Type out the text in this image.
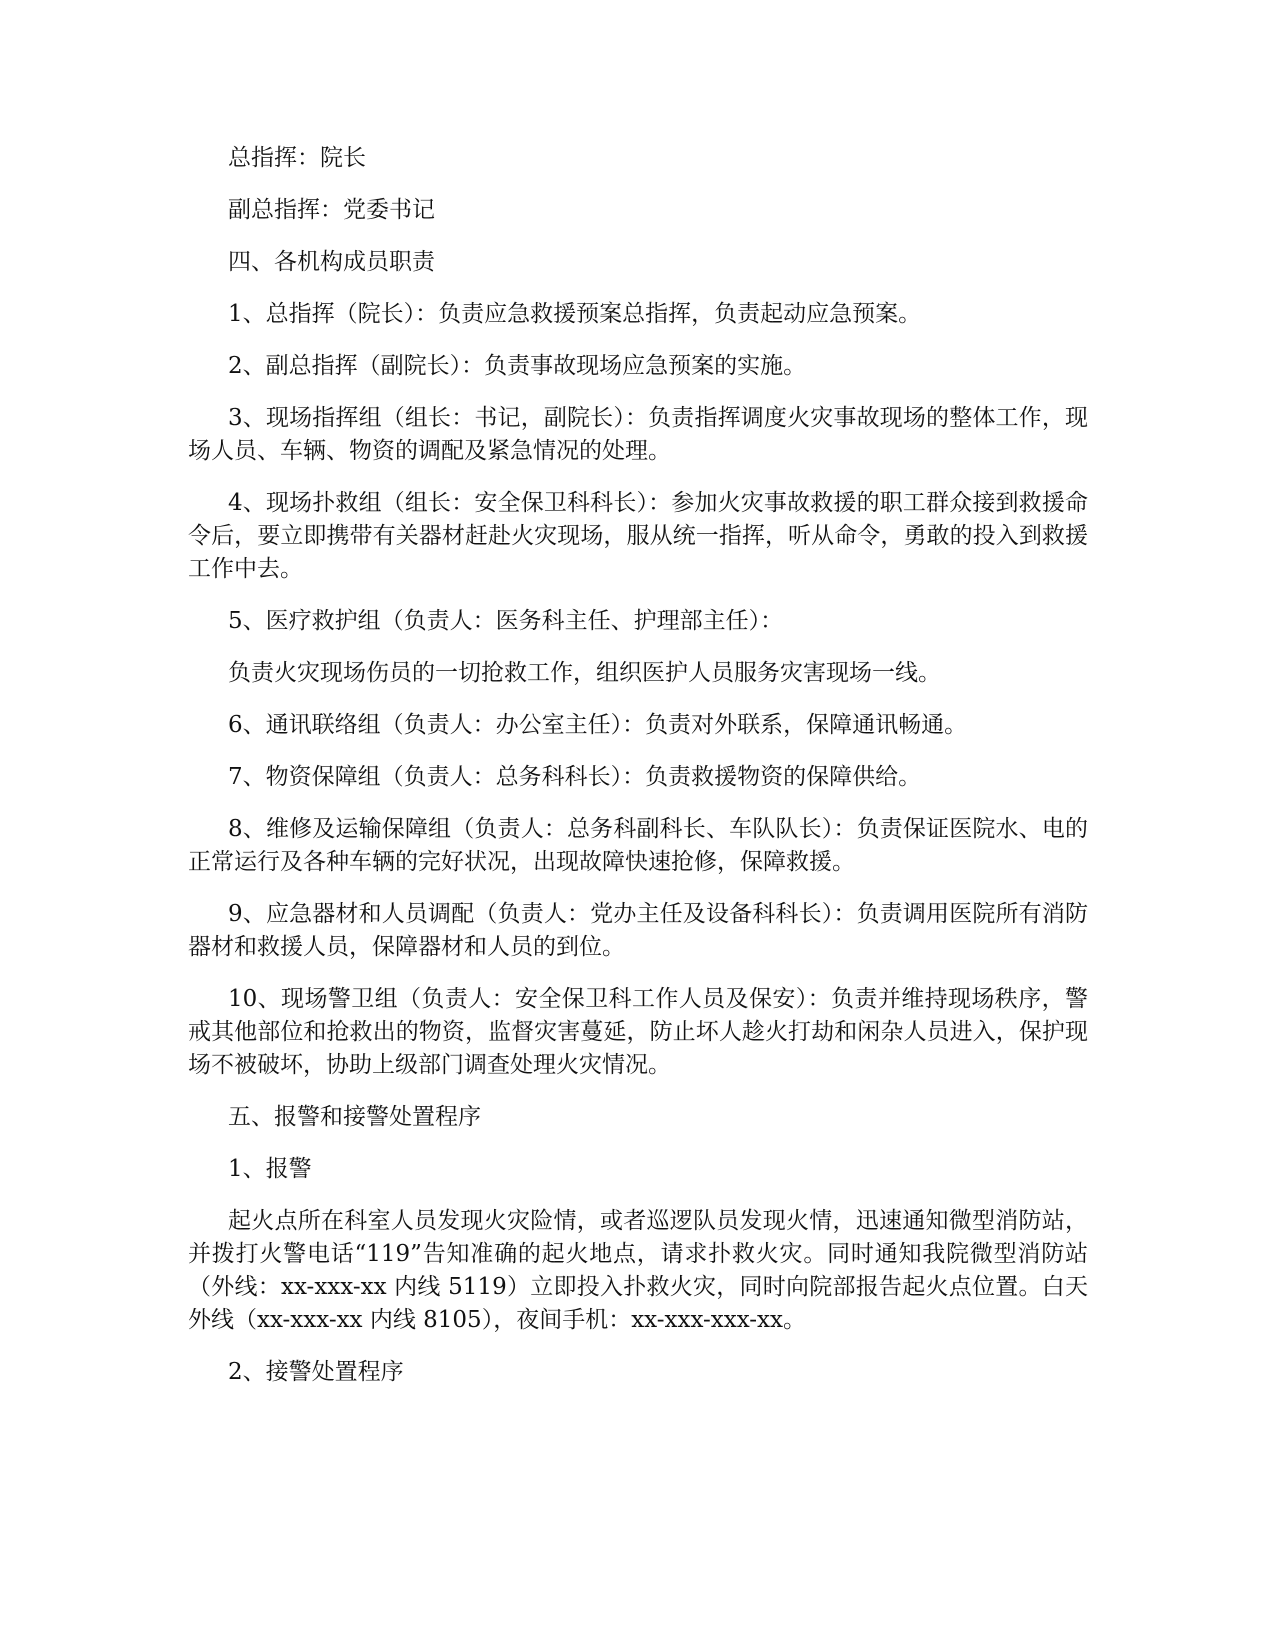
总指挥：院长

副总指挥：党委书记

四、各机构成员职责

1、总指挥（院长）：负责应急救援预案总指挥，负责起动应急预案。

2、副总指挥（副院长）：负责事故现场应急预案的实施。

3、现场指挥组（组长：书记，副院长）：负责指挥调度火灾事故现场的整体工作，现场人员、车辆、物资的调配及紧急情况的处理。

4、现场扑救组（组长：安全保卫科科长）：参加火灾事故救援的职工群众接到救援命令后，要立即携带有关器材赶赴火灾现场，服从统一指挥，听从命令，勇敢的投入到救援工作中去。

5、医疗救护组（负责人：医务科主任、护理部主任）：

负责火灾现场伤员的一切抢救工作，组织医护人员服务灾害现场一线。

6、通讯联络组（负责人：办公室主任）：负责对外联系，保障通讯畅通。

7、物资保障组（负责人：总务科科长）：负责救援物资的保障供给。

8、维修及运输保障组（负责人：总务科副科长、车队队长）：负责保证医院水、电的正常运行及各种车辆的完好状况，出现故障快速抢修，保障救援。

9、应急器材和人员调配（负责人：党办主任及设备科科长）：负责调用医院所有消防器材和救援人员，保障器材和人员的到位。

10、现场警卫组（负责人：安全保卫科工作人员及保安）：负责并维持现场秩序，警戒其他部位和抢救出的物资，监督灾害蔓延，防止坏人趁火打劫和闲杂人员进入，保护现场不被破坏，协助上级部门调查处理火灾情况。

五、报警和接警处置程序

1、报警

起火点所在科室人员发现火灾险情，或者巡逻队员发现火情，迅速通知微型消防站，并拨打火警电话“119”告知准确的起火地点，请求扑救火灾。同时通知我院微型消防站（外线：xx-xxx-xx 内线 5119）立即投入扑救火灾，同时向院部报告起火点位置。白天外线（xx-xxx-xx 内线 8105），夜间手机：xx-xxx-xxx-xx。

2、接警处置程序
